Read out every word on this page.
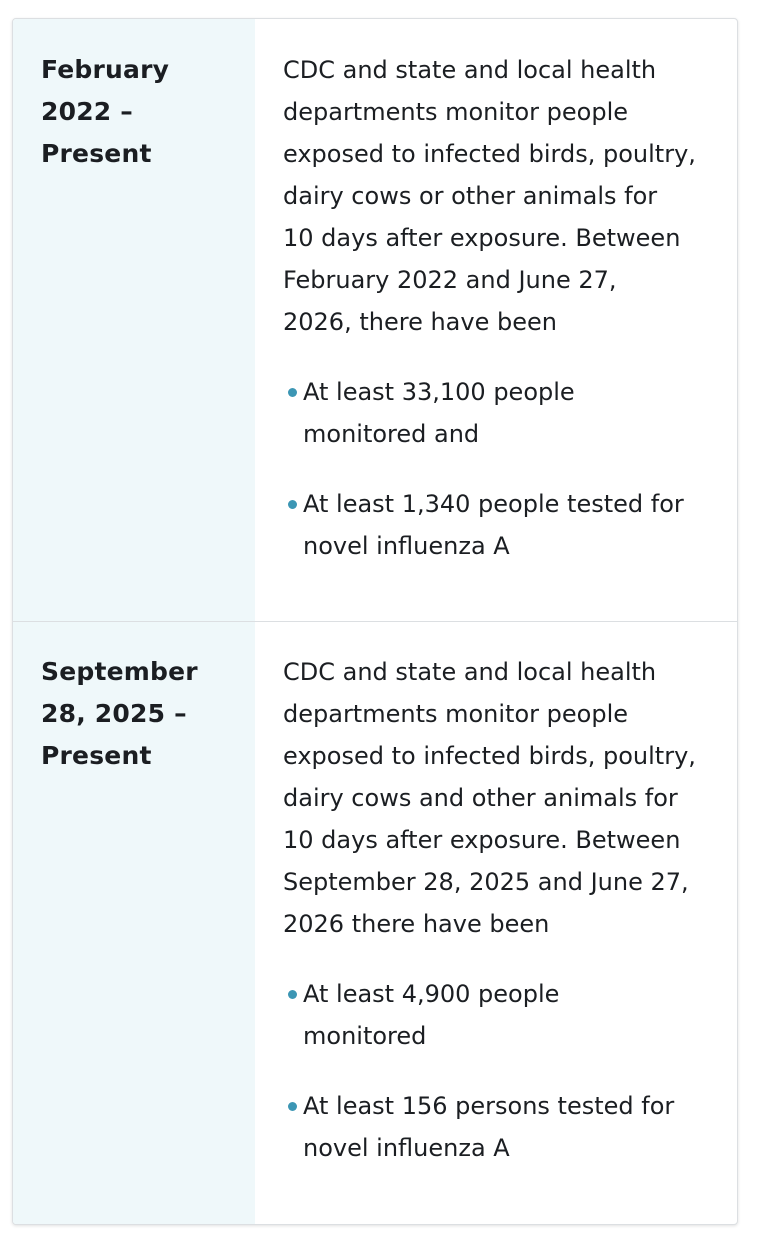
February
2022 –
Present
CDC and state and local health
departments monitor people
exposed to infected birds, poultry,
dairy cows or other animals for
10 days after exposure. Between
February 2022 and June 27,
2026, there have been
At least 33,100 people
monitored and
At least 1,340 people tested for
novel influenza A
September
28, 2025 –
Present
CDC and state and local health
departments monitor people
exposed to infected birds, poultry,
dairy cows and other animals for
10 days after exposure. Between
September 28, 2025 and June 27,
2026 there have been
At least 4,900 people
monitored
At least 156 persons tested for
novel influenza A
